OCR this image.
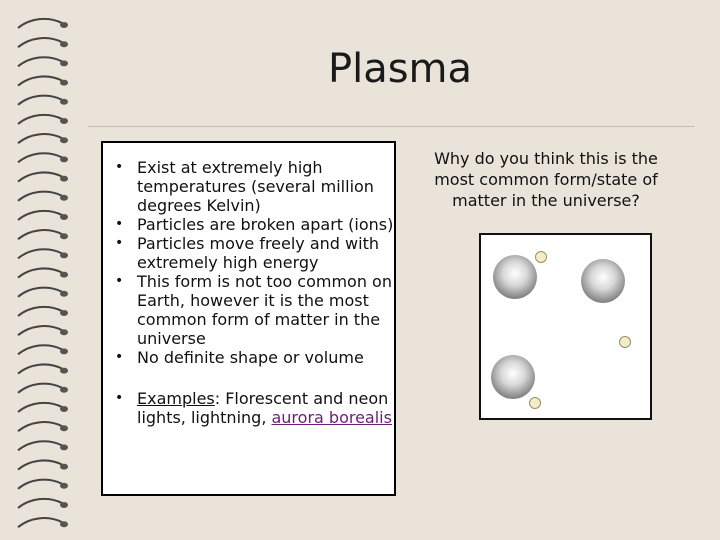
Plasma
• Exist at extremely high temperatures (several million degrees Kelvin)
• Particles are broken apart (ions)
• Particles move freely and with extremely high energy
• This form is not too common on Earth, however it is the most common form of matter in the universe
• No definite shape or volume
• Examples: Florescent and neon lights, lightning, aurora borealis
Why do you think this is the most common form/state of matter in the universe?
